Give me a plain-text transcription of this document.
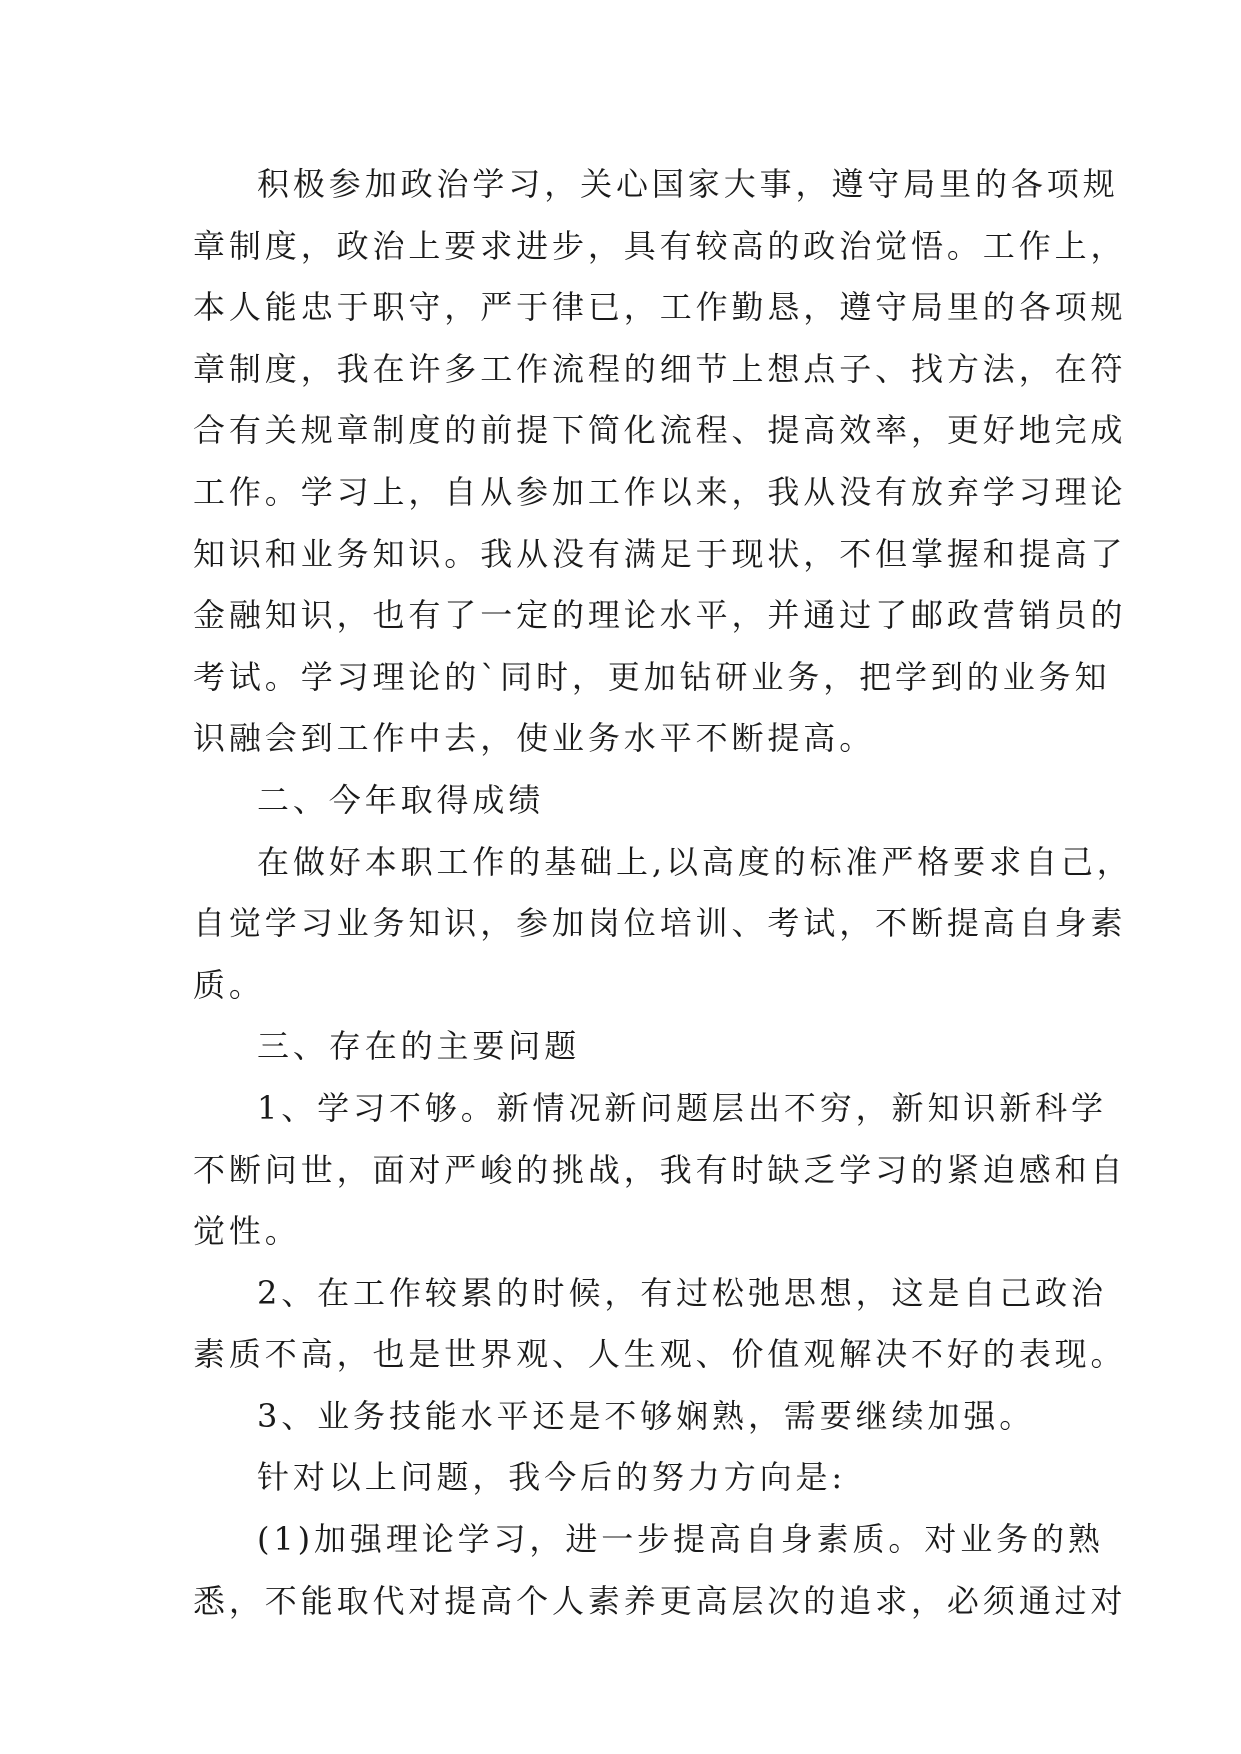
积极参加政治学习，关心国家大事，遵守局里的各项规
章制度，政治上要求进步，具有较高的政治觉悟。工作上，
本人能忠于职守，严于律已，工作勤恳，遵守局里的各项规
章制度，我在许多工作流程的细节上想点子、找方法，在符
合有关规章制度的前提下简化流程、提高效率，更好地完成
工作。学习上，自从参加工作以来，我从没有放弃学习理论
知识和业务知识。我从没有满足于现状，不但掌握和提高了
金融知识，也有了一定的理论水平，并通过了邮政营销员的
考试。学习理论的`同时，更加钻研业务，把学到的业务知
识融会到工作中去，使业务水平不断提高。
二、今年取得成绩
在做好本职工作的基础上,以高度的标准严格要求自己，
自觉学习业务知识，参加岗位培训、考试，不断提高自身素
质。
三、存在的主要问题
1、学习不够。新情况新问题层出不穷，新知识新科学
不断问世，面对严峻的挑战，我有时缺乏学习的紧迫感和自
觉性。
2、在工作较累的时候，有过松弛思想，这是自己政治
素质不高，也是世界观、人生观、价值观解决不好的表现。
3、业务技能水平还是不够娴熟，需要继续加强。
针对以上问题，我今后的努力方向是:
(1)加强理论学习，进一步提高自身素质。对业务的熟
悉，不能取代对提高个人素养更高层次的追求，必须通过对
